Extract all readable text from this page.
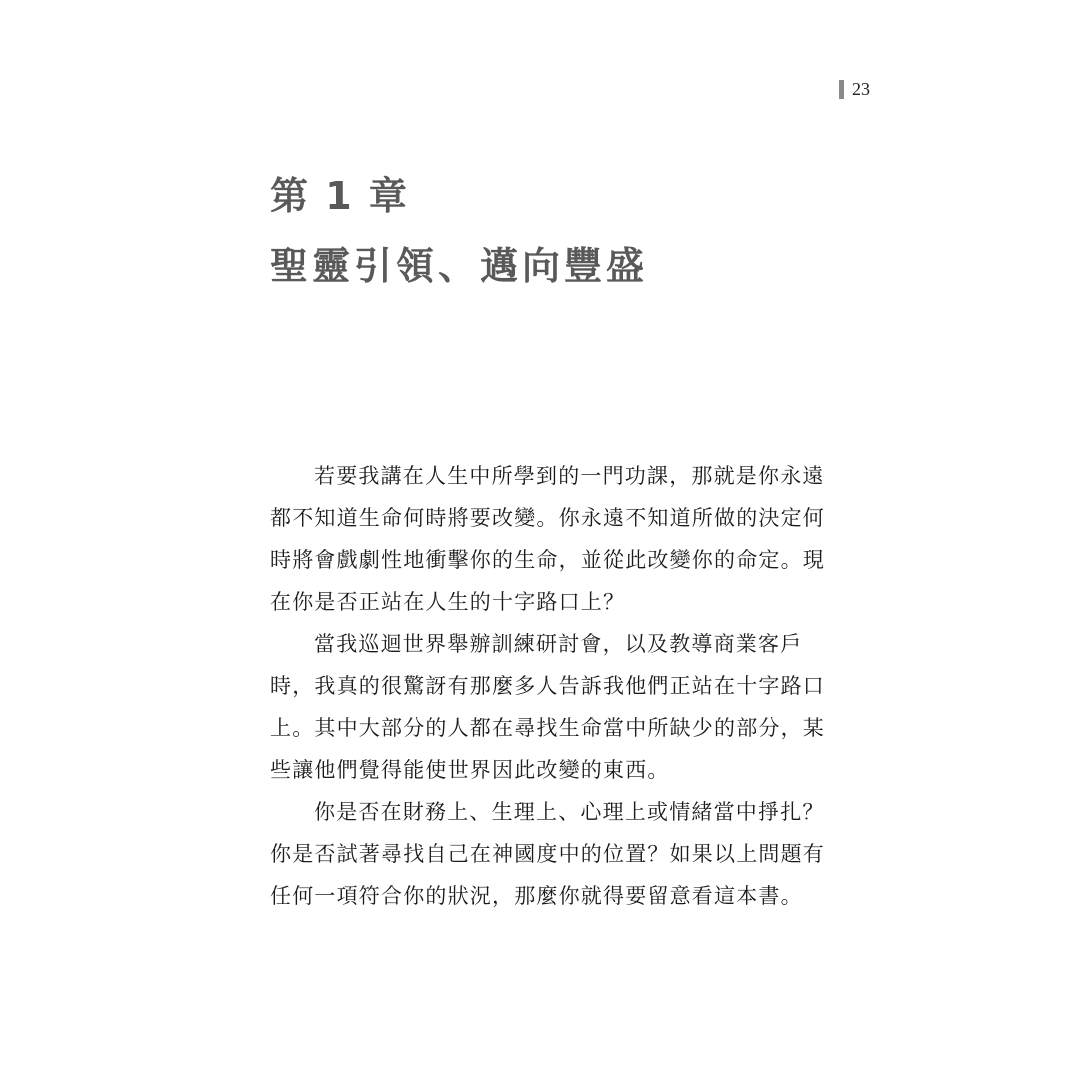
23
第 1 章
聖靈引領、邁向豐盛
若要我講在人生中所學到的一門功課，那就是你永遠
都不知道生命何時將要改變。你永遠不知道所做的決定何
時將會戲劇性地衝擊你的生命，並從此改變你的命定。現
在你是否正站在人生的十字路口上？
當我巡迴世界舉辦訓練研討會，以及教導商業客戶
時，我真的很驚訝有那麼多人告訴我他們正站在十字路口
上。其中大部分的人都在尋找生命當中所缺少的部分，某
些讓他們覺得能使世界因此改變的東西。
你是否在財務上、生理上、心理上或情緒當中掙扎？
你是否試著尋找自己在神國度中的位置？如果以上問題有
任何一項符合你的狀況，那麼你就得要留意看這本書。
